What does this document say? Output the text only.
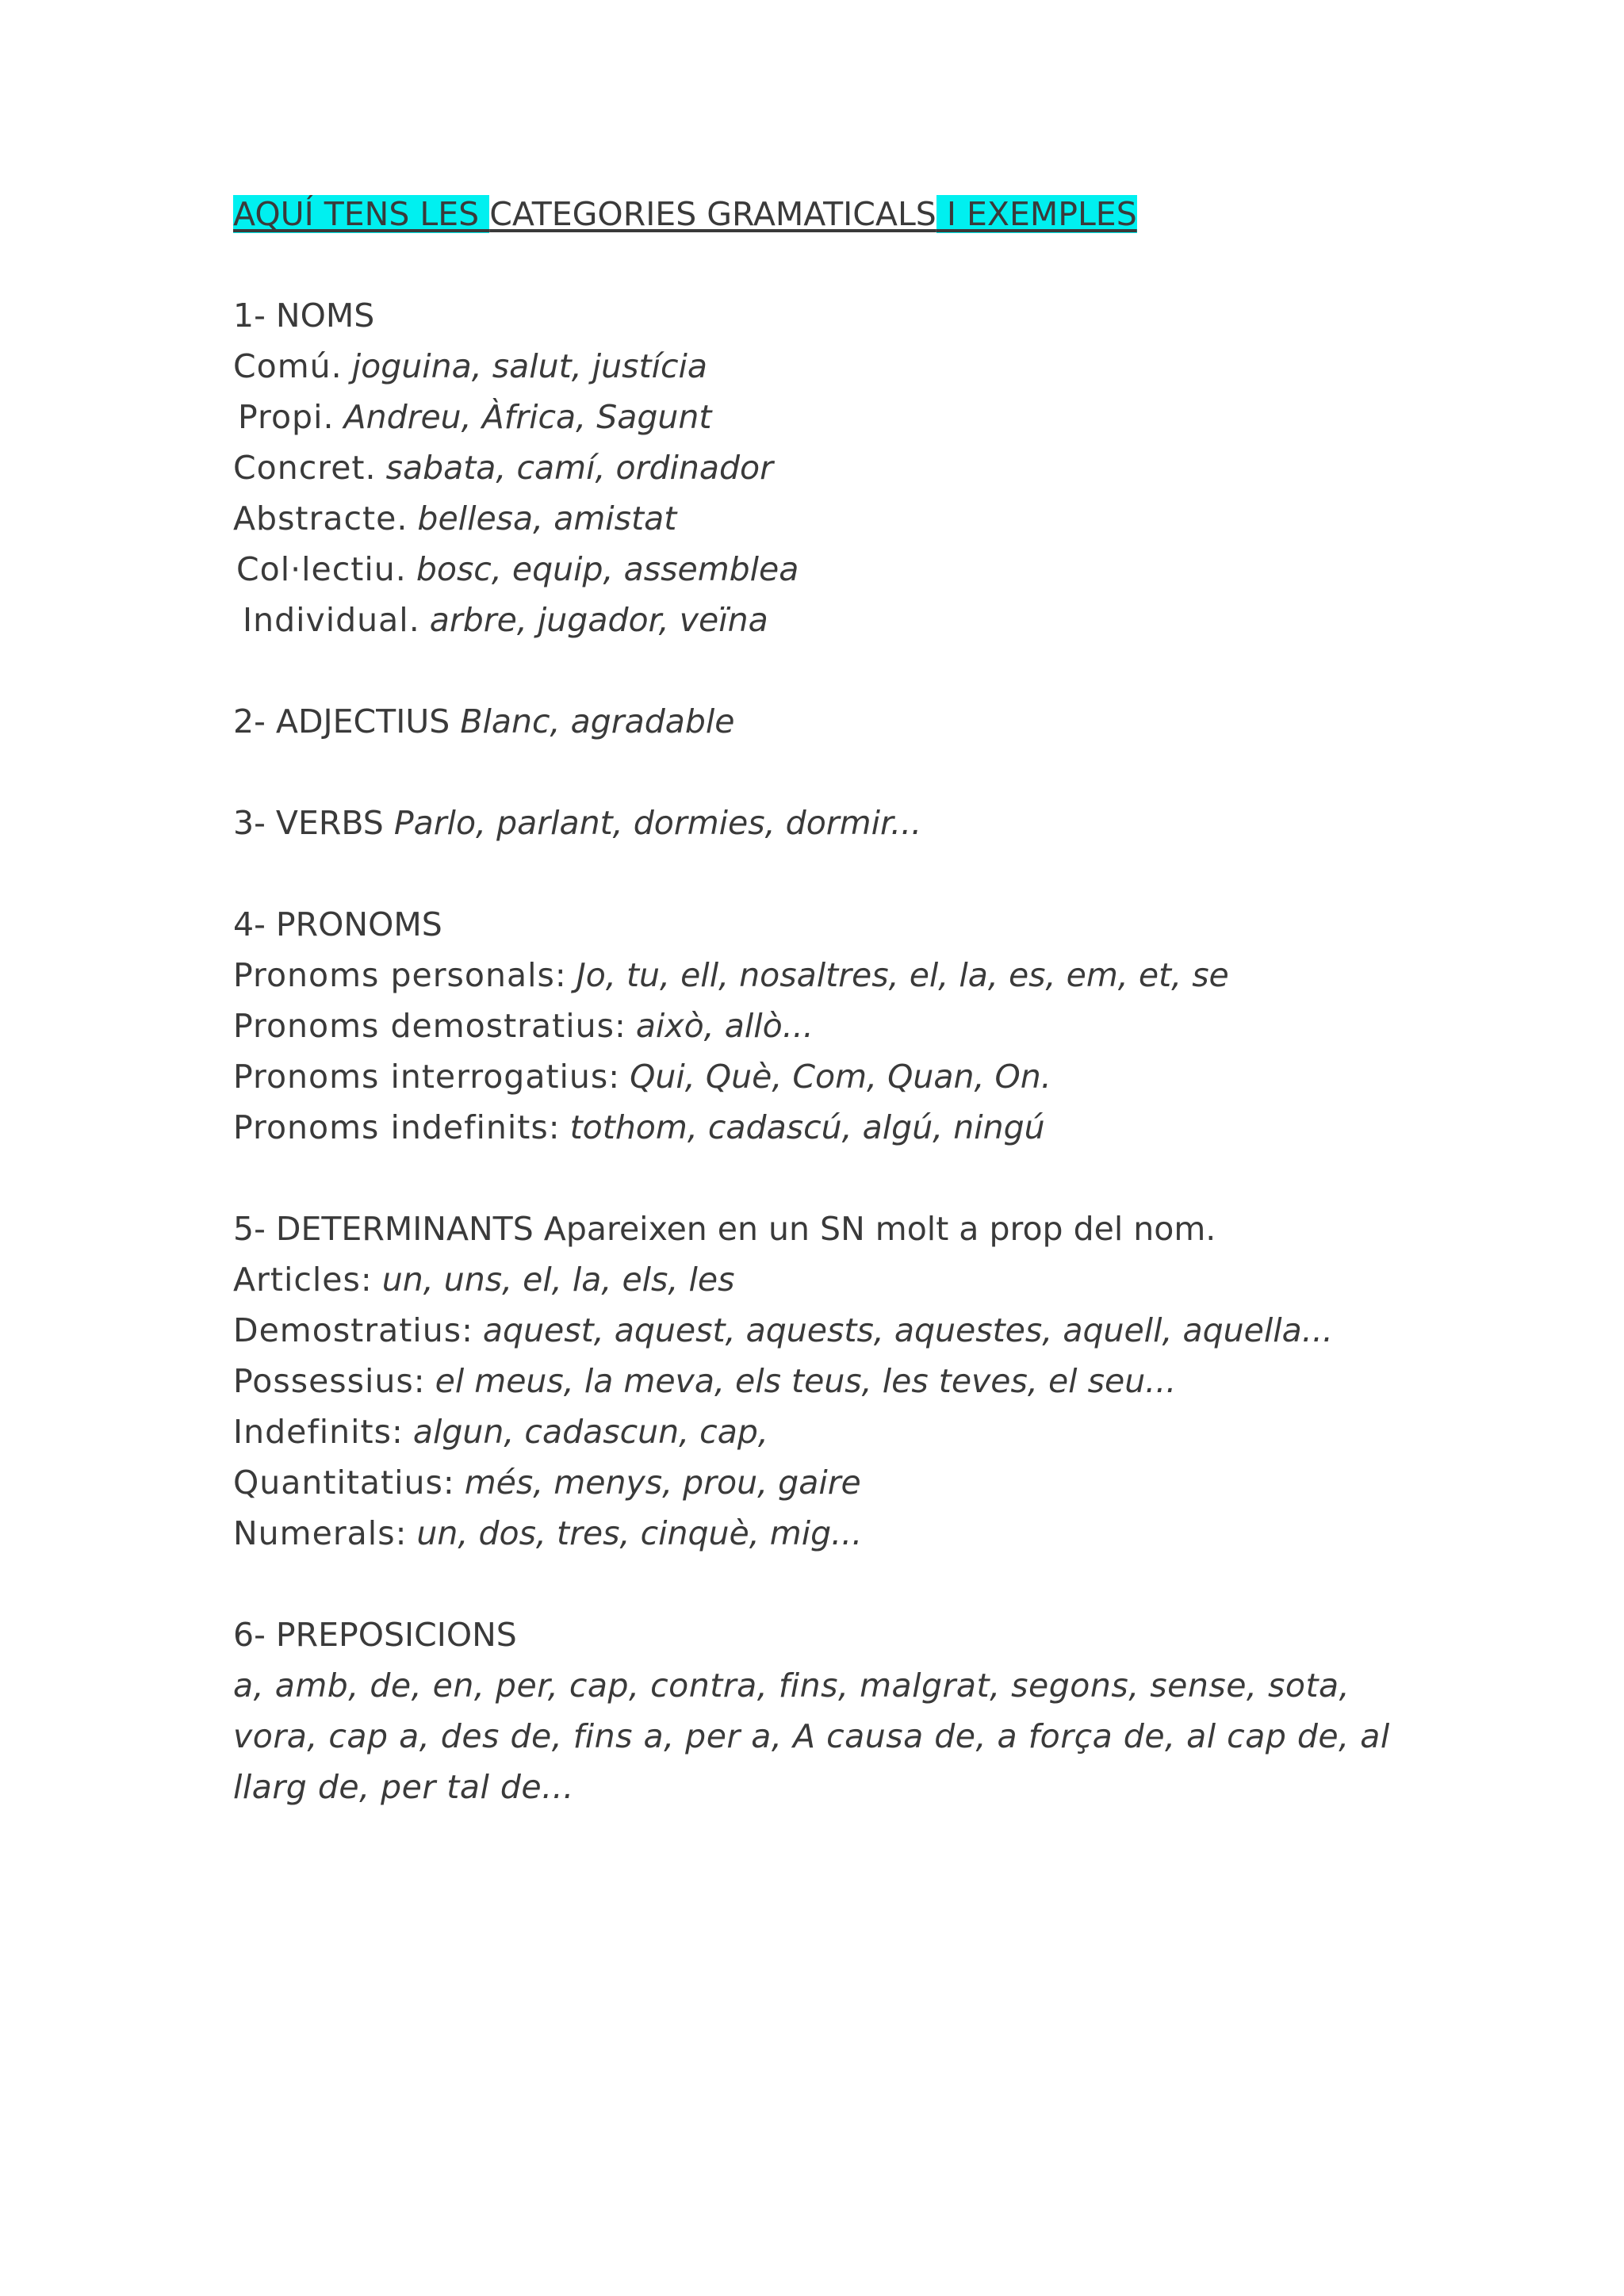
AQUÍ TENS LES CATEGORIES GRAMATICALS I EXEMPLES
1- NOMS
Comú. joguina, salut, justícia
Propi. Andreu, Àfrica, Sagunt
Concret. sabata, camí, ordinador
Abstracte. bellesa, amistat
Col·lectiu. bosc, equip, assemblea
Individual. arbre, jugador, veïna
2- ADJECTIUS Blanc, agradable
3- VERBS Parlo, parlant, dormies, dormir...
4- PRONOMS
Pronoms personals: Jo, tu, ell, nosaltres, el, la, es, em, et, se
Pronoms demostratius: això, allò...
Pronoms interrogatius: Qui, Què, Com, Quan, On.
Pronoms indefinits: tothom, cadascú, algú, ningú
5- DETERMINANTS Apareixen en un SN molt a prop del nom.
Articles: un, uns, el, la, els, les
Demostratius: aquest, aquest, aquests, aquestes, aquell, aquella...
Possessius: el meus, la meva, els teus, les teves, el seu...
Indefinits: algun, cadascun, cap,
Quantitatius: més, menys, prou, gaire
Numerals: un, dos, tres, cinquè, mig...
6- PREPOSICIONS
a, amb, de, en, per, cap, contra, fins, malgrat, segons, sense, sota, vora, cap a, des de, fins a, per a, A causa de, a força de, al cap de, al llarg de, per tal de...
